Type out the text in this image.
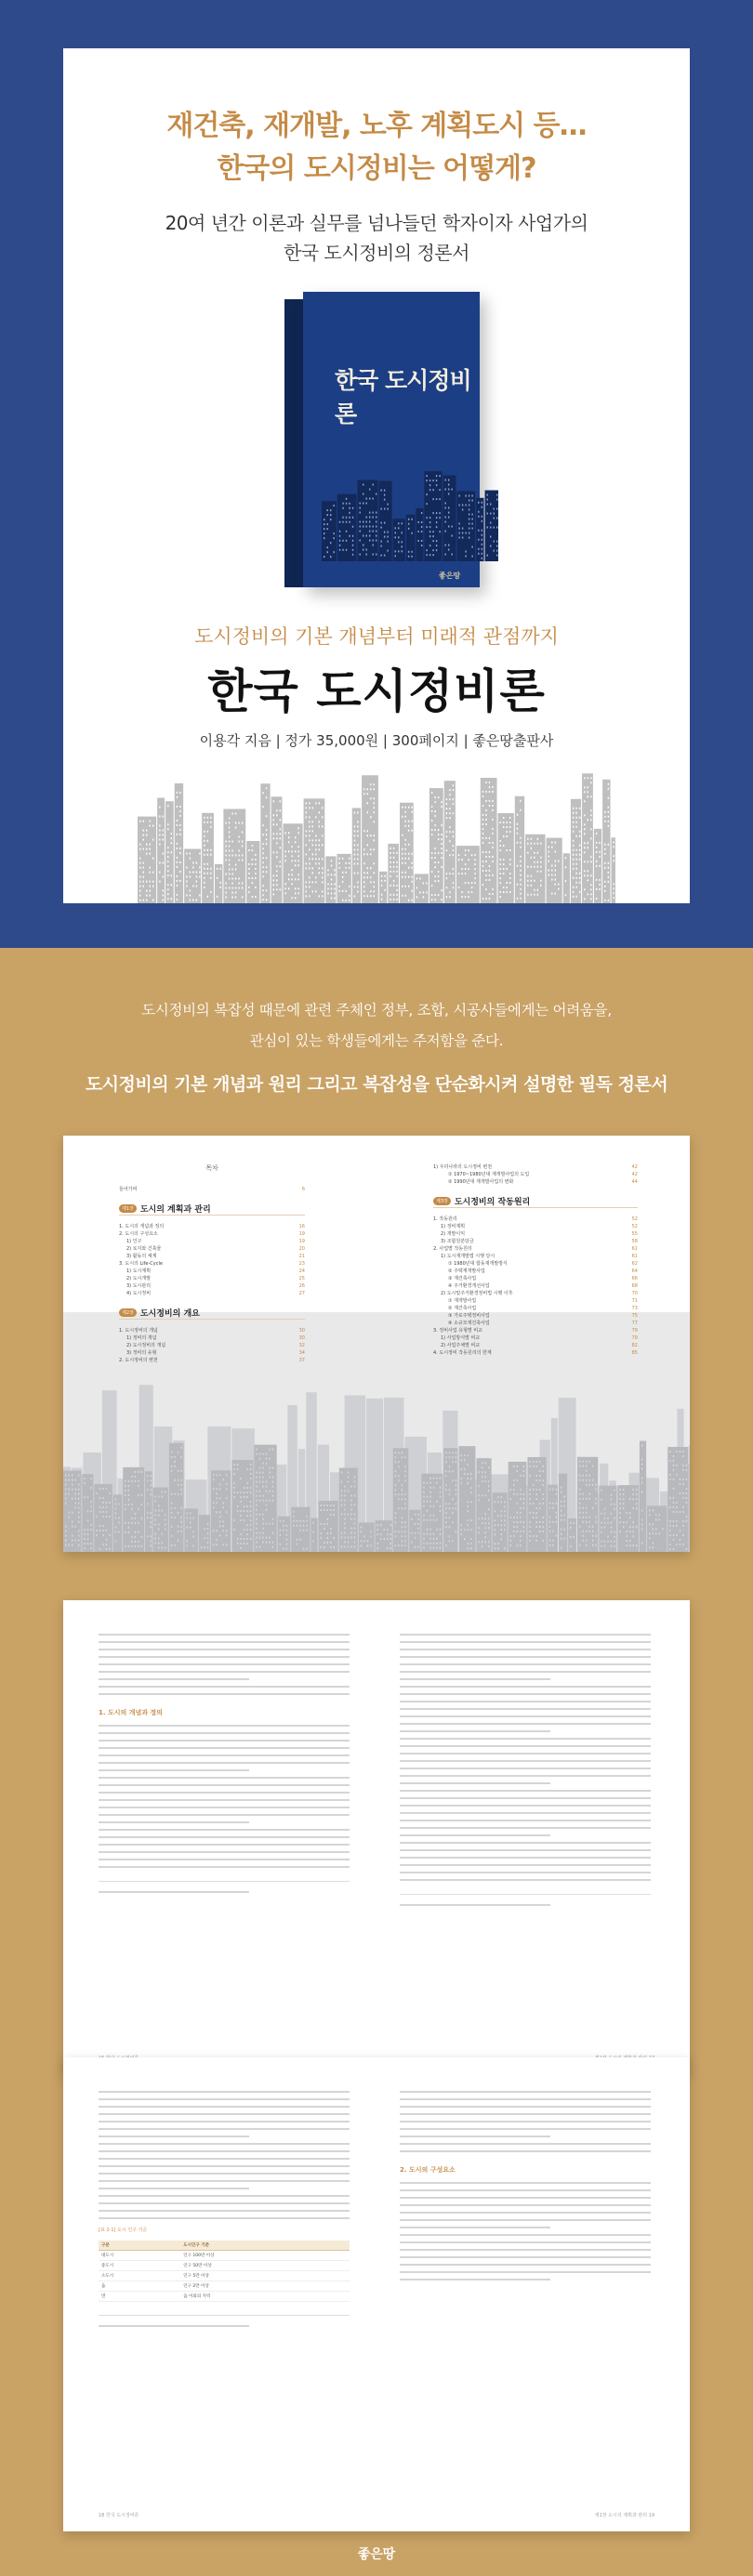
재건축, 재개발, 노후 계획도시 등…
한국의 도시정비는 어떻게?
20여 년간 이론과 실무를 넘나들던 학자이자 사업가의
한국 도시정비의 정론서
한국 도시정비론
좋은땅
도시정비의 기본 개념부터 미래적 관점까지
한국 도시정비론
이용각 지음 | 정가 35,000원 | 300페이지 | 좋은땅출판사
도시정비의 복잡성 때문에 관련 주체인 정부, 조합, 시공사들에게는 어려움을,
관심이 있는 학생들에게는 주저함을 준다.
도시정비의 기본 개념과 원리 그리고 복잡성을 단순화시켜 설명한 필독 정론서
목차
들어가며	6
제1장 도시의 계획과 관리
1. 도시의 개념과 정의	16
2. 도시의 구성요소	19
1) 인구	19
2) 토지와 건축물	20
3) 활동의 체계	21
3. 도시의 Life-Cycle	23
1) 도시계획	24
2) 도시개발	25
3) 도시관리	26
4) 도시정비	27
제2장 도시정비의 개요
1. 도시정비의 개념	30
1) 정비의 개념	30
2) 도시정비의 개념	32
3) 정비의 유형	34
2. 도시정비의 변천	37
1) 우리나라의 도시정비 변천	42
① 1970~1980년대 재개발사업의 도입	42
② 1990년대 재개발사업의 변화	44
제3장 도시정비의 작동원리
1. 작동원리	52
1) 정비계획	52
2) 개발이익	55
3) 조합원분담금	58
2. 사업별 작동원리	61
1) 도시재개발법 시행 당시	61
① 1980년대 합동재개발방식	62
② 주택재개발사업	64
③ 재건축사업	66
④ 주거환경개선사업	68
2) 도시및주거환경정비법 시행 이후	70
① 재개발사업	71
② 재건축사업	73
③ 가로주택정비사업	75
④ 소규모재건축사업	77
3. 정비사업 유형별 비교	79
1) 사업방식별 비교	79
2) 사업주체별 비교	82
4. 도시정비 작동원리의 한계	85
1. 도시의 개념과 정의
[표 2-1] 도시 인구 기준
구분	도시인구 기준
대도시	인구 100만 이상
중도시	인구 50만 이상
소도시	인구 5만 이상
읍	인구 2만 이상
면	읍 이외의 지역
2. 도시의 구성요소
18 한국 도시정비론	제1장 도시의 계획과 관리 19
좋은땅
